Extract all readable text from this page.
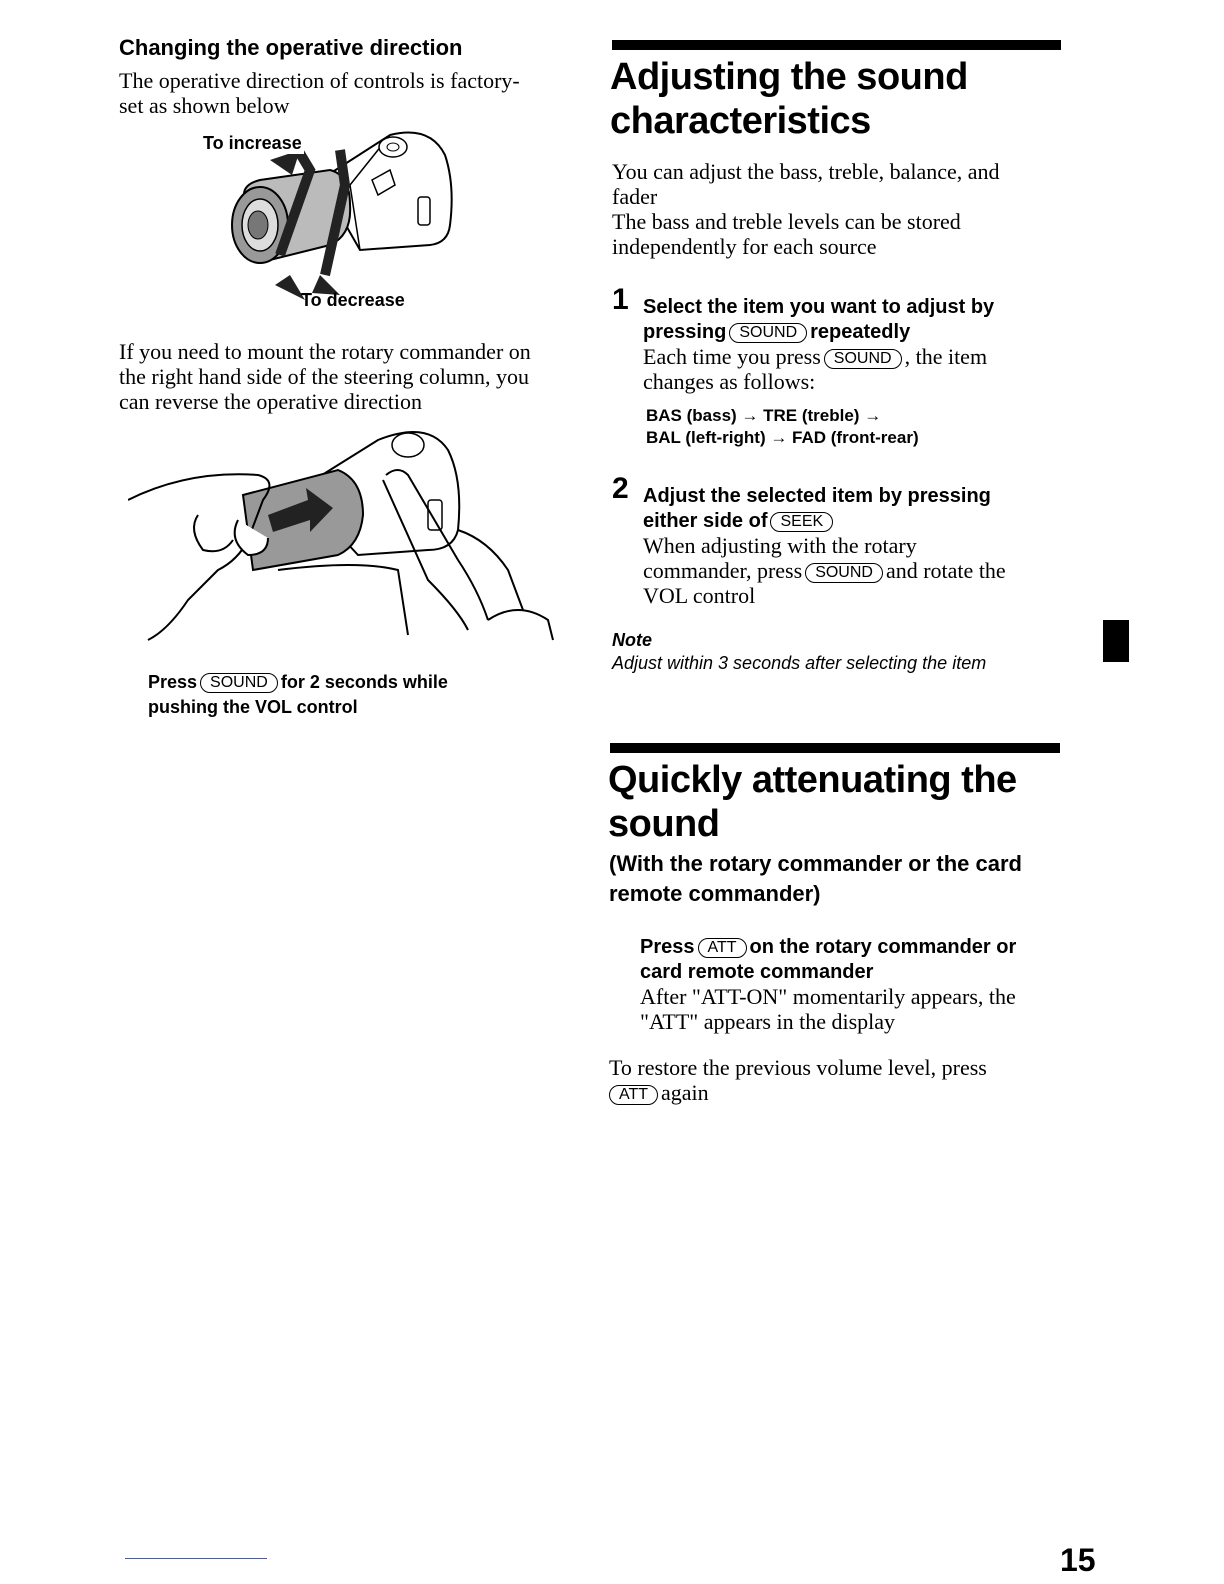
Changing the operative direction
The operative direction of controls is factory-
set as shown below
To increase
To decrease
If you need to mount the rotary commander on
the right hand side of the steering column, you
can reverse the operative direction
Press SOUND for 2 seconds while
pushing the VOL control
Adjusting the sound
characteristics
You can adjust the bass, treble, balance, and
fader
The bass and treble levels can be stored
independently for each source
1 Select the item you want to adjust by
pressing SOUND repeatedly
Each time you press SOUND , the item
changes as follows:
BAS (bass) → TRE (treble) →
BAL (left-right) → FAD (front-rear)
2 Adjust the selected item by pressing
either side of SEEK
When adjusting with the rotary
commander, press SOUND and rotate the
VOL control
Note
Adjust within 3 seconds after selecting the item
Quickly attenuating the
sound
(With the rotary commander or the card
remote commander)
Press ATT on the rotary commander or
card remote commander
After "ATT-ON" momentarily appears, the
"ATT" appears in the display
To restore the previous volume level, press
ATT again
15
